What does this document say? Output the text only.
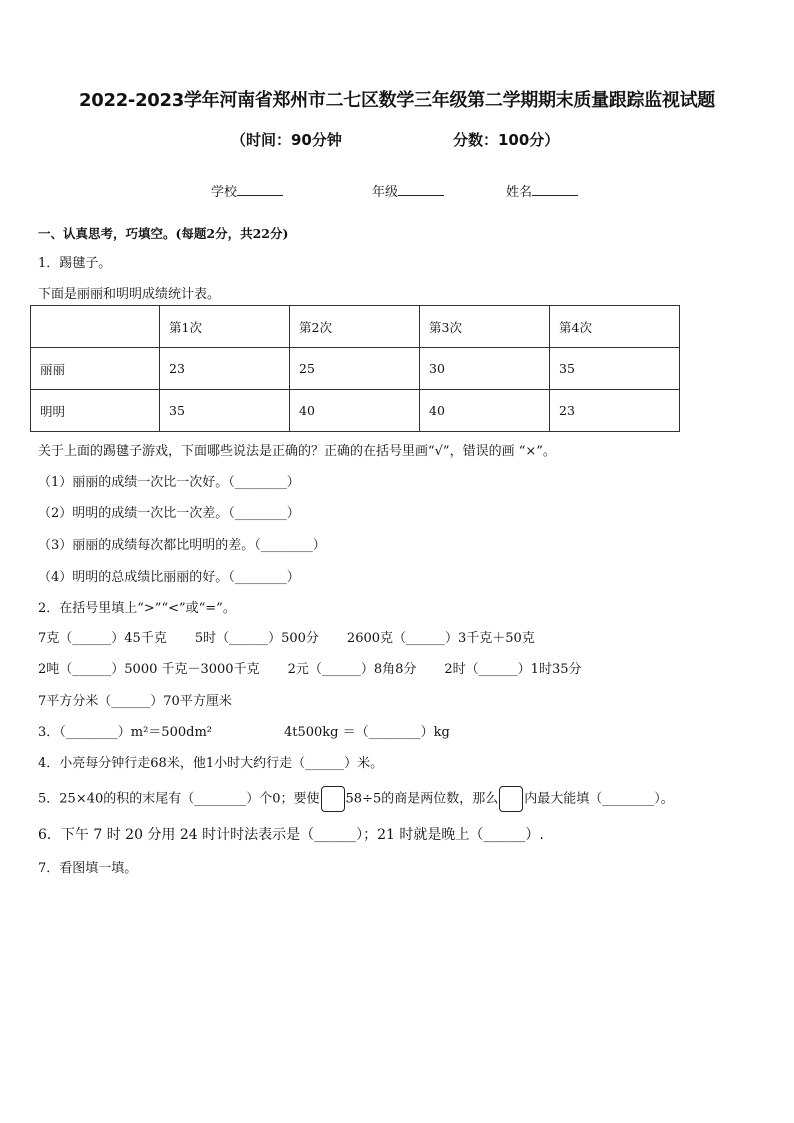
2022-2023学年河南省郑州市二七区数学三年级第二学期期末质量跟踪监视试题
（时间：90分钟	分数：100分）
学校	年级	姓名
一、认真思考，巧填空。(每题2分，共22分)
1．踢毽子。
下面是丽丽和明明成绩统计表。
	第1次	第2次	第3次	第4次
丽丽	23	25	30	35
明明	35	40	40	23
关于上面的踢毽子游戏，下面哪些说法是正确的？正确的在括号里画“√”，错误的画 “×”。
（1）丽丽的成绩一次比一次好。（________）
（2）明明的成绩一次比一次差。（________）
（3）丽丽的成绩每次都比明明的差。（________）
（4）明明的总成绩比丽丽的好。（________）
2．在括号里填上“>”“<”或“=”。
7克（______）45千克 5时（______）500分 2600克（______）3千克＋50克
2吨（______）5000 千克－3000千克 2元（______）8角8分 2时（______）1时35分
7平方分米（______）70平方厘米
3．（________）m²＝500dm²	4t500kg ＝（________）kg
4．小亮每分钟行走68米，他1小时大约行走（______）米。
5．25×40的积的末尾有（________）个0；要使 58÷5的商是两位数，那么 内最大能填（________）。
6．下午 7 时 20 分用 24 时计时法表示是（______）；21 时就是晚上（______）.
7．看图填一填。
